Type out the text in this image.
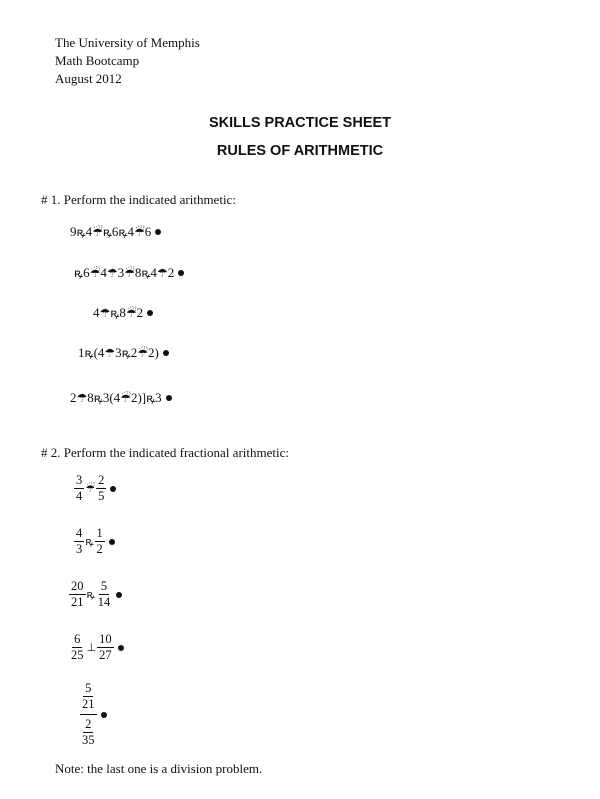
The University of Memphis
Math Bootcamp
August 2012
SKILLS PRACTICE SHEET
RULES OF ARITHMETIC
# 1. Perform the indicated arithmetic:
9 ꝶ 4 ☔ ꝶ 6 ꝶ 4 ☔ 6
ꝶ 6 ☔ 4 ☂ 3 ☔ 8 ꝶ 4 ☂ 2
4 ☂ ꝶ 8 ☔ 2
1 ꝶ (4 ☂ 3 ꝶ 2 ☔ 2)
2 ☂ 8 ꝶ 3(4 ☔ 2)] ꝶ 3
# 2. Perform the indicated fractional arithmetic:
$\frac{3}{4}$ ☔ $\frac{2}{5}$
$\frac{4}{3}$ ꝶ $\frac{1}{2}$
$\frac{20}{21}$ ꝶ $\frac{5}{14}$
$\frac{6}{25}$ ⊥ $\frac{10}{27}$
$\frac{\frac{5}{21}}{\frac{2}{35}}$
Note: the last one is a division problem.
